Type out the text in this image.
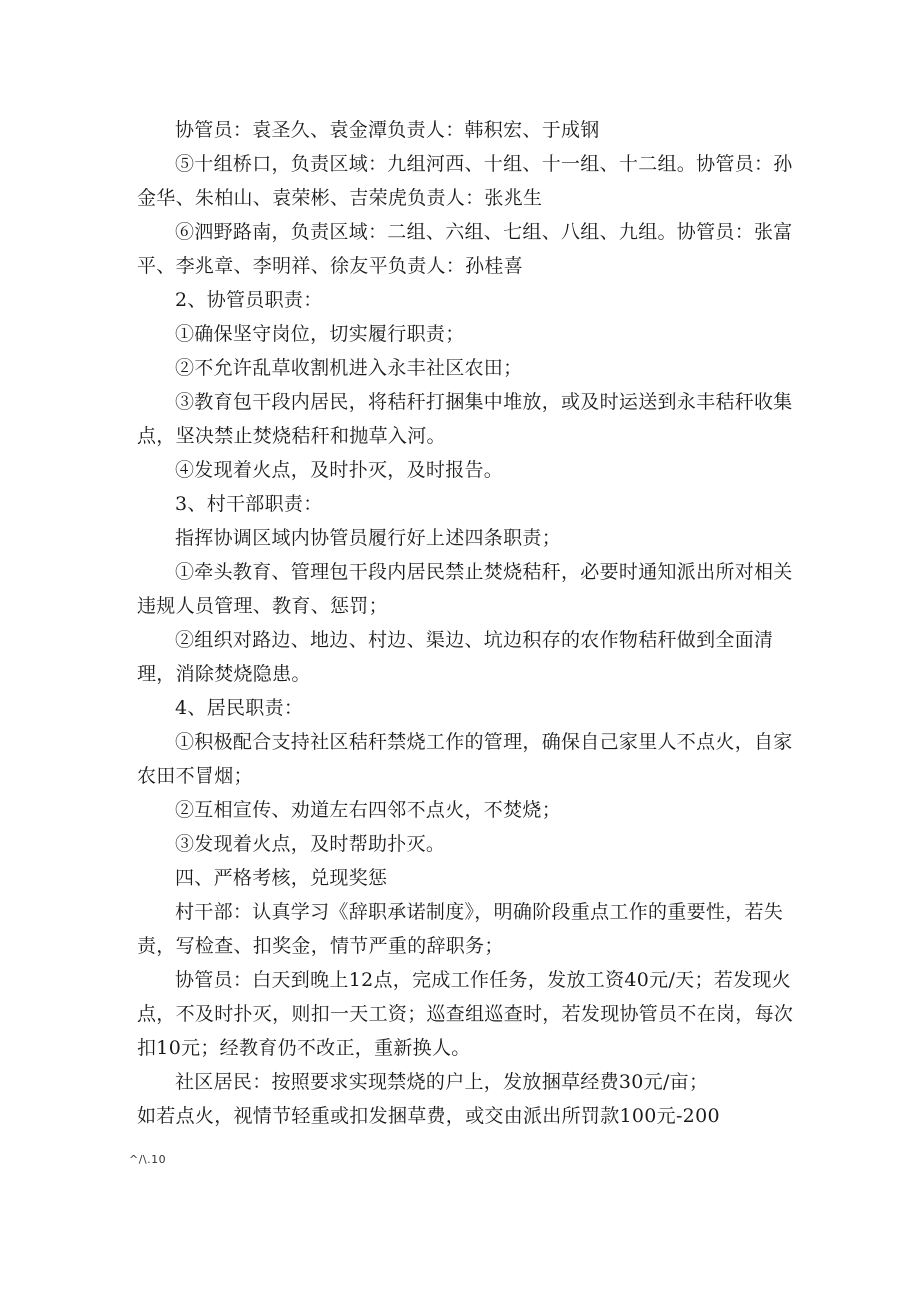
协管员：袁圣久、袁金潭负责人：韩积宏、于成钢

⑤十组桥口，负责区域：九组河西、十组、十一组、十二组。协管员：孙金华、朱柏山、袁荣彬、吉荣虎负责人：张兆生

⑥泗野路南，负责区域：二组、六组、七组、八组、九组。协管员：张富平、李兆章、李明祥、徐友平负责人：孙桂喜

2、协管员职责：

①确保坚守岗位，切实履行职责；

②不允许乱草收割机进入永丰社区农田；

③教育包干段内居民，将秸秆打捆集中堆放，或及时运送到永丰秸秆收集点，坚决禁止焚烧秸秆和抛草入河。

④发现着火点，及时扑灭，及时报告。

3、村干部职责：

指挥协调区域内协管员履行好上述四条职责；

①牵头教育、管理包干段内居民禁止焚烧秸秆，必要时通知派出所对相关违规人员管理、教育、惩罚；

②组织对路边、地边、村边、渠边、坑边积存的农作物秸秆做到全面清理，消除焚烧隐患。

4、居民职责：

①积极配合支持社区秸秆禁烧工作的管理，确保自己家里人不点火，自家农田不冒烟；

②互相宣传、劝道左右四邻不点火，不焚烧；

③发现着火点，及时帮助扑灭。

四、严格考核，兑现奖惩

村干部：认真学习《辞职承诺制度》，明确阶段重点工作的重要性，若失责，写检查、扣奖金，情节严重的辞职务；

协管员：白天到晚上12点，完成工作任务，发放工资40元/天；若发现火点，不及时扑灭，则扣一天工资；巡查组巡查时，若发现协管员不在岗，每次扣10元；经教育仍不改正，重新换人。

社区居民：按照要求实现禁烧的户上，发放捆草经费30元/亩；

如若点火，视情节轻重或扣发捆草费，或交由派出所罚款100元-200

^/\.10
